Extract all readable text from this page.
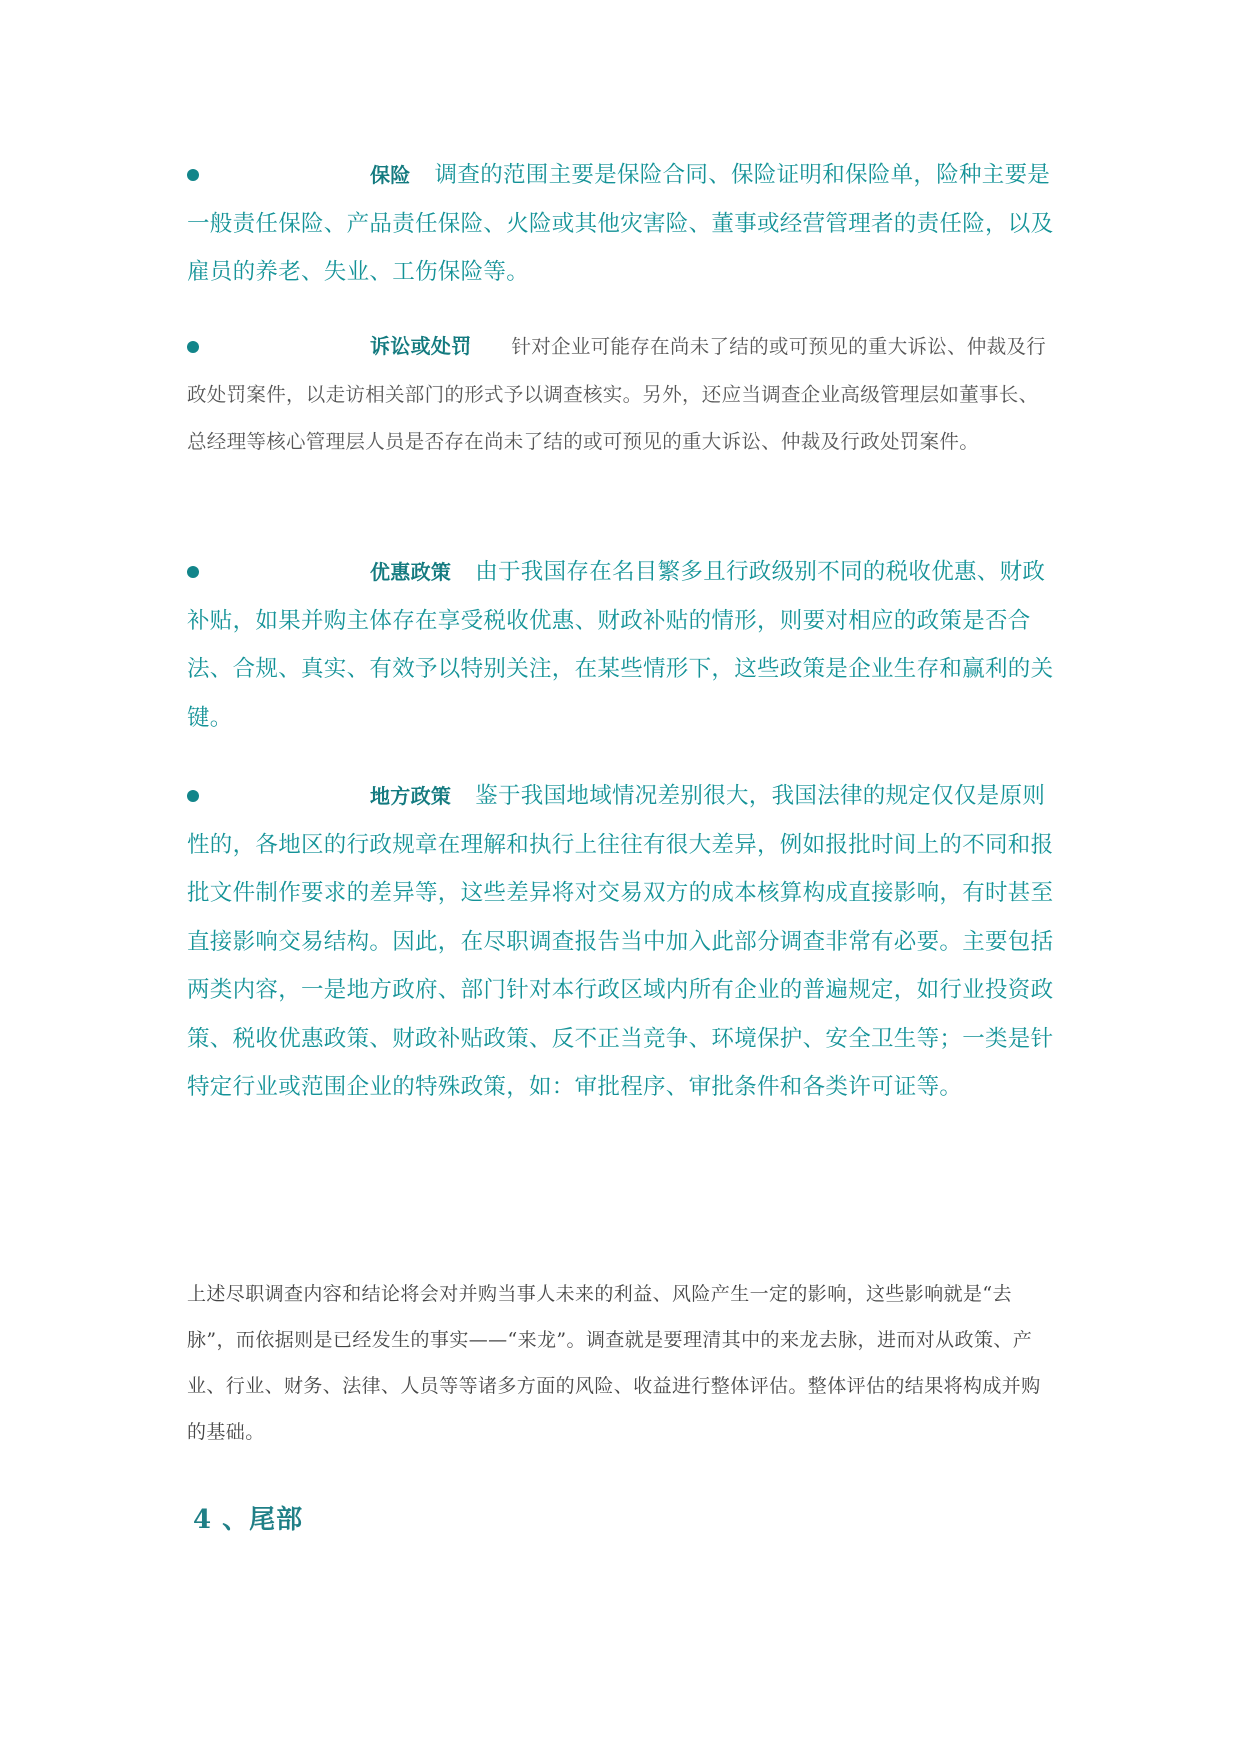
保险 调查的范围主要是保险合同、保险证明和保险单，险种主要是一般责任保险、产品责任保险、火险或其他灾害险、董事或经营管理者的责任险，以及雇员的养老、失业、工伤保险等。

诉讼或处罚 针对企业可能存在尚未了结的或可预见的重大诉讼、仲裁及行政处罚案件，以走访相关部门的形式予以调查核实。另外，还应当调查企业高级管理层如董事长、总经理等核心管理层人员是否存在尚未了结的或可预见的重大诉讼、仲裁及行政处罚案件。

优惠政策 由于我国存在名目繁多且行政级别不同的税收优惠、财政补贴，如果并购主体存在享受税收优惠、财政补贴的情形，则要对相应的政策是否合法、合规、真实、有效予以特别关注，在某些情形下，这些政策是企业生存和赢利的关键。

地方政策 鉴于我国地域情况差别很大，我国法律的规定仅仅是原则性的，各地区的行政规章在理解和执行上往往有很大差异，例如报批时间上的不同和报批文件制作要求的差异等，这些差异将对交易双方的成本核算构成直接影响，有时甚至直接影响交易结构。因此，在尽职调查报告当中加入此部分调查非常有必要。主要包括两类内容，一是地方政府、部门针对本行政区域内所有企业的普遍规定，如行业投资政策、税收优惠政策、财政补贴政策、反不正当竞争、环境保护、安全卫生等；一类是针特定行业或范围企业的特殊政策，如：审批程序、审批条件和各类许可证等。

上述尽职调查内容和结论将会对并购当事人未来的利益、风险产生一定的影响，这些影响就是“去脉”，而依据则是已经发生的事实——“来龙”。调查就是要理清其中的来龙去脉，进而对从政策、产业、行业、财务、法律、人员等等诸多方面的风险、收益进行整体评估。整体评估的结果将构成并购的基础。

4 、尾部
